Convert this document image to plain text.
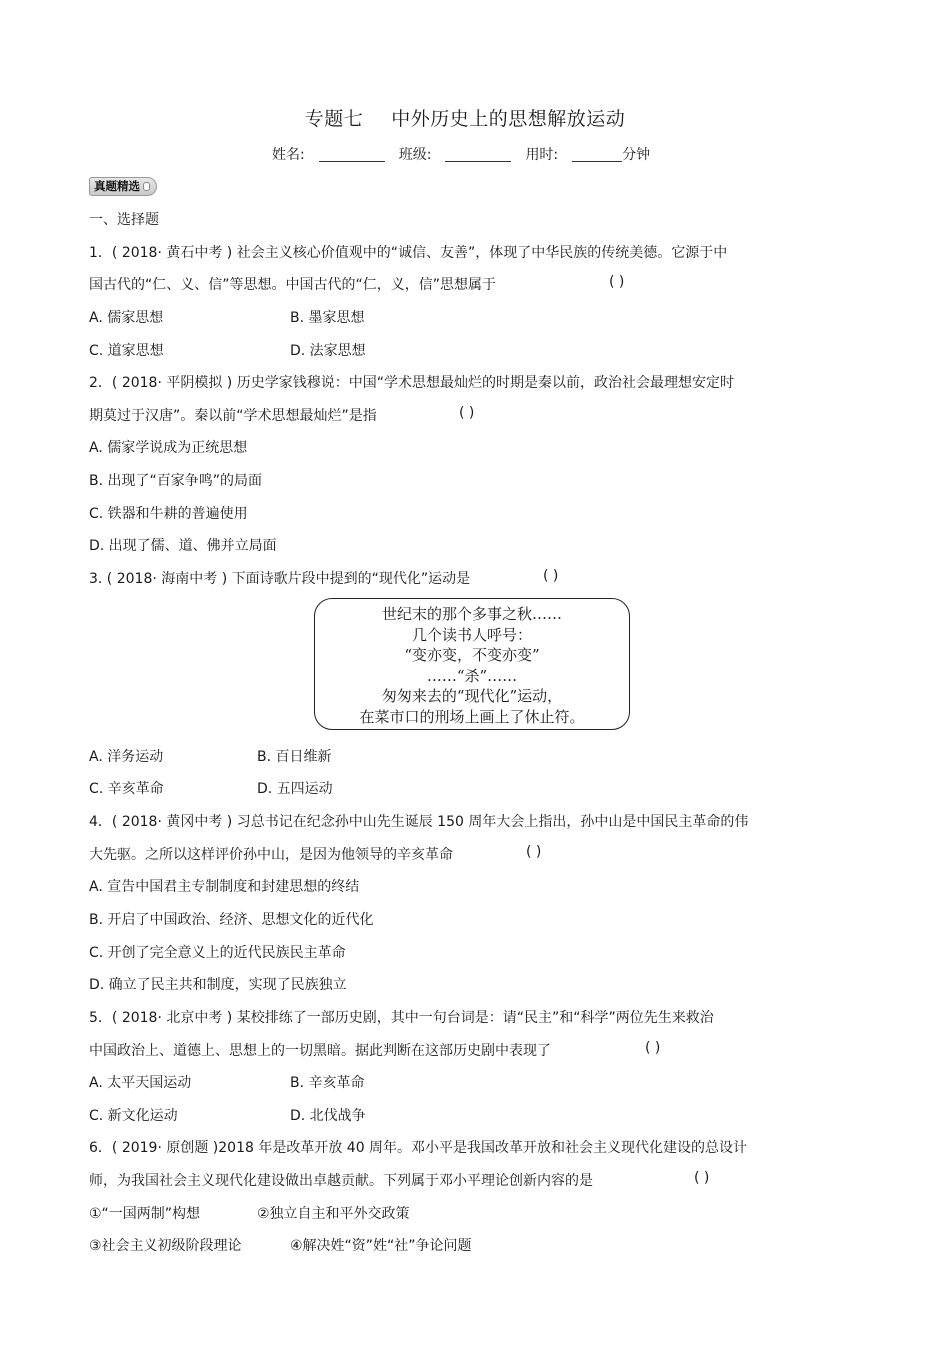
专题七 中外历史上的思想解放运动
姓名:	班级:	用时:	分钟
真题精选
一、选择题
1．( 2018· 黄石中考 ) 社会主义核心价值观中的“诚信、友善”，体现了中华民族的传统美德。它源于中
国古代的“仁、义、信”等思想。中国古代的“仁，义，信”思想属于	( )
A. 儒家思想	B. 墨家思想
C. 道家思想	D. 法家思想
2．( 2018· 平阴模拟 ) 历史学家钱穆说：中国“学术思想最灿烂的时期是秦以前，政治社会最理想安定时
期莫过于汉唐”。秦以前“学术思想最灿烂”是指	( )
A. 儒家学说成为正统思想
B. 出现了“百家争鸣”的局面
C. 铁器和牛耕的普遍使用
D. 出现了儒、道、佛并立局面
3. ( 2018· 海南中考 ) 下面诗歌片段中提到的“现代化”运动是	( )
世纪末的那个多事之秋……
几个读书人呼号：
“变亦变，不变亦变”
……“杀”……
匆匆来去的“现代化”运动，
在菜市口的刑场上画上了休止符。
A. 洋务运动	B. 百日维新
C. 辛亥革命	D. 五四运动
4．( 2018· 黄冈中考 ) 习总书记在纪念孙中山先生诞辰 150 周年大会上指出，孙中山是中国民主革命的伟
大先驱。之所以这样评价孙中山，是因为他领导的辛亥革命	( )
A. 宣告中国君主专制制度和封建思想的终结
B. 开启了中国政治、经济、思想文化的近代化
C. 开创了完全意义上的近代民族民主革命
D. 确立了民主共和制度，实现了民族独立
5．( 2018· 北京中考 ) 某校排练了一部历史剧，其中一句台词是：请“民主”和“科学”两位先生来救治
中国政治上、道德上、思想上的一切黑暗。据此判断在这部历史剧中表现了	( )
A. 太平天国运动	B. 辛亥革命
C. 新文化运动	D. 北伐战争
6．( 2019· 原创题 )2018 年是改革开放 40 周年。邓小平是我国改革开放和社会主义现代化建设的总设计
师，为我国社会主义现代化建设做出卓越贡献。下列属于邓小平理论创新内容的是	( )
①“一国两制”构想	②独立自主和平外交政策
③社会主义初级阶段理论	④解决姓“资”姓“社”争论问题
